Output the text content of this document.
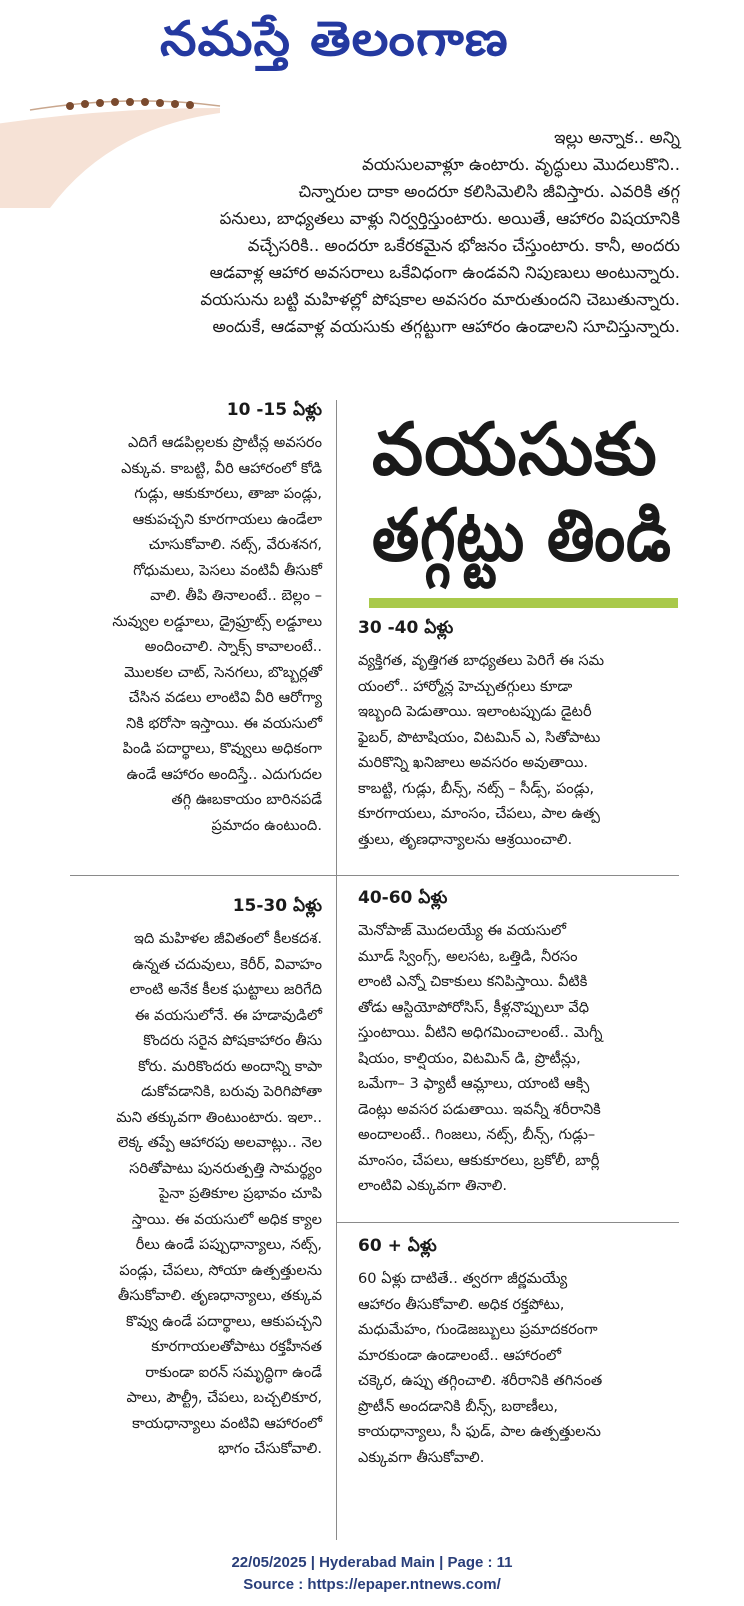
నమస్తే తెలంగాణ

ఇల్లు అన్నాక.. అన్ని

వయసులవాళ్లూ ఉంటారు. వృద్ధులు మొదలుకొని..

చిన్నారుల దాకా అందరూ కలిసిమెలిసి జీవిస్తారు. ఎవరికి తగ్గ

పనులు, బాధ్యతలు వాళ్లు నిర్వర్తిస్తుంటారు. అయితే, ఆహారం విషయానికి

వచ్చేసరికి.. అందరూ ఒకేరకమైన భోజనం చేస్తుంటారు. కానీ, అందరు

ఆడవాళ్ల ఆహార అవసరాలు ఒకేవిధంగా ఉండవని నిపుణులు అంటున్నారు.

వయసును బట్టి మహిళల్లో పోషకాల అవసరం మారుతుందని చెబుతున్నారు.

అందుకే, ఆడవాళ్ల వయసుకు తగ్గట్టుగా ఆహారం ఉండాలని సూచిస్తున్నారు.

వయసుకు
తగ్గట్టు తిండి
10 -15 ఏళ్లు

ఎదిగే ఆడపిల్లలకు ప్రొటీన్ల అవసరం

ఎక్కువ. కాబట్టి, వీరి ఆహారంలో కోడి

గుడ్లు, ఆకుకూరలు, తాజా పండ్లు,

ఆకుపచ్చని కూరగాయలు ఉండేలా

చూసుకోవాలి. నట్స్, వేరుశనగ,

గోధుమలు, పెసలు వంటివీ తీసుకో

వాలి. తీపి తినాలంటే.. బెల్లం –

నువ్వుల లడ్డూలు, డ్రైఫ్రూట్స్ లడ్డూలు

అందించాలి. స్నాక్స్ కావాలంటే..

మొలకల చాట్, సెనగలు, బొబ్బర్లతో

చేసిన వడలు లాంటివి వీరి ఆరోగ్యా

నికి భరోసా ఇస్తాయి. ఈ వయసులో

పిండి పదార్థాలు, కొవ్వులు అధికంగా

ఉండే ఆహారం అందిస్తే.. ఎదుగుదల

తగ్గి ఊబకాయం బారినపడే

ప్రమాదం ఉంటుంది.

15-30 ఏళ్లు

ఇది మహిళల జీవితంలో కీలకదశ.

ఉన్నత చదువులు, కెరీర్, వివాహం

లాంటి అనేక కీలక ఘట్టాలు జరిగేది

ఈ వయసులోనే. ఈ హడావుడిలో

కొందరు సరైన పోషకాహారం తీసు

కోరు. మరికొందరు అందాన్ని కాపా

డుకోవడానికి, బరువు పెరిగిపోతా

మని తక్కువగా తింటుంటారు. ఇలా..

లెక్క తప్పే ఆహారపు అలవాట్లు.. నెల

సరితోపాటు పునరుత్పత్తి సామర్థ్యం

పైనా ప్రతికూల ప్రభావం చూపి

స్తాయి. ఈ వయసులో అధిక క్యాల

రీలు ఉండే పప్పుధాన్యాలు, నట్స్,

పండ్లు, చేపలు, సోయా ఉత్పత్తులను

తీసుకోవాలి. తృణధాన్యాలు, తక్కువ

కొవ్వు ఉండే పదార్థాలు, ఆకుపచ్చని

కూరగాయలతోపాటు రక్తహీనత

రాకుండా ఐరన్ సమృద్ధిగా ఉండే

పాలు, పౌల్ట్రీ, చేపలు, బచ్చలికూర,

కాయధాన్యాలు వంటివి ఆహారంలో

భాగం చేసుకోవాలి.

30 -40 ఏళ్లు

వ్యక్తిగత, వృత్తిగత బాధ్యతలు పెరిగే ఈ సమ

యంలో.. హార్మోన్ల హెచ్చుతగ్గులు కూడా

ఇబ్బంది పెడుతాయి. ఇలాంటప్పుడు డైటరీ

ఫైబర్, పొటాషియం, విటమిన్ ఎ, సితోపాటు

మరికొన్ని ఖనిజాలు అవసరం అవుతాయి.

కాబట్టి, గుడ్లు, బీన్స్, నట్స్ – సీడ్స్, పండ్లు,

కూరగాయలు, మాంసం, చేపలు, పాల ఉత్ప

త్తులు, తృణధాన్యాలను ఆశ్రయించాలి.

40-60 ఏళ్లు

మెనోపాజ్ మొదలయ్యే ఈ వయసులో

మూడ్ స్వింగ్స్, అలసట, ఒత్తిడి, నీరసం

లాంటి ఎన్నో చికాకులు కనిపిస్తాయి. వీటికి

తోడు ఆస్టియోపోరోసిస్, కీళ్లనొప్పులూ వేధి

స్తుంటాయి. వీటిని అధిగమించాలంటే.. మెగ్నీ

షియం, కాల్షియం, విటమిన్ డి, ప్రొటీన్లు,

ఒమేగా– 3 ఫ్యాటీ ఆమ్లాలు, యాంటి ఆక్సి

డెంట్లు అవసర పడుతాయి. ఇవన్నీ శరీరానికి

అందాలంటే.. గింజలు, నట్స్, బీన్స్, గుడ్లు–

మాంసం, చేపలు, ఆకుకూరలు, బ్రకోలీ, బార్లీ

లాంటివి ఎక్కువగా తినాలి.

60 + ఏళ్లు

60 ఏళ్లు దాటితే.. త్వరగా జీర్ణమయ్యే

ఆహారం తీసుకోవాలి. అధిక రక్తపోటు,

మధుమేహం, గుండెజబ్బులు ప్రమాదకరంగా

మారకుండా ఉండాలంటే.. ఆహారంలో

చక్కెర, ఉప్పు తగ్గించాలి. శరీరానికి తగినంత

ప్రొటీన్ అందడానికి బీన్స్, బఠాణీలు,

కాయధాన్యాలు, సీ ఫుడ్, పాల ఉత్పత్తులను

ఎక్కువగా తీసుకోవాలి.

22/05/2025 | Hyderabad Main | Page : 11
Source : https://epaper.ntnews.com/
